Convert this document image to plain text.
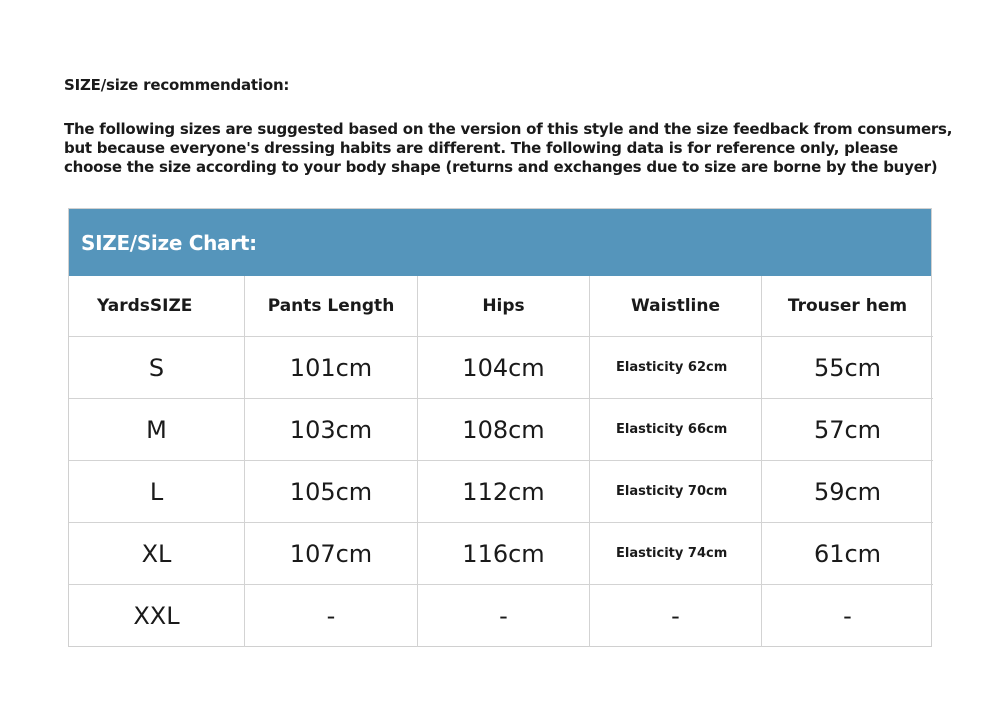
SIZE/size recommendation:
The following sizes are suggested based on the version of this style and the size feedback from consumers,
but because everyone's dressing habits are different. The following data is for reference only, please
choose the size according to your body shape (returns and exchanges due to size are borne by the buyer)
SIZE/Size Chart:
YardsSIZE	Pants Length	Hips	Waistline	Trouser hem
S	101cm	104cm	Elasticity 62cm	55cm
M	103cm	108cm	Elasticity 66cm	57cm
L	105cm	112cm	Elasticity 70cm	59cm
XL	107cm	116cm	Elasticity 74cm	61cm
XXL	-	-	-	-
